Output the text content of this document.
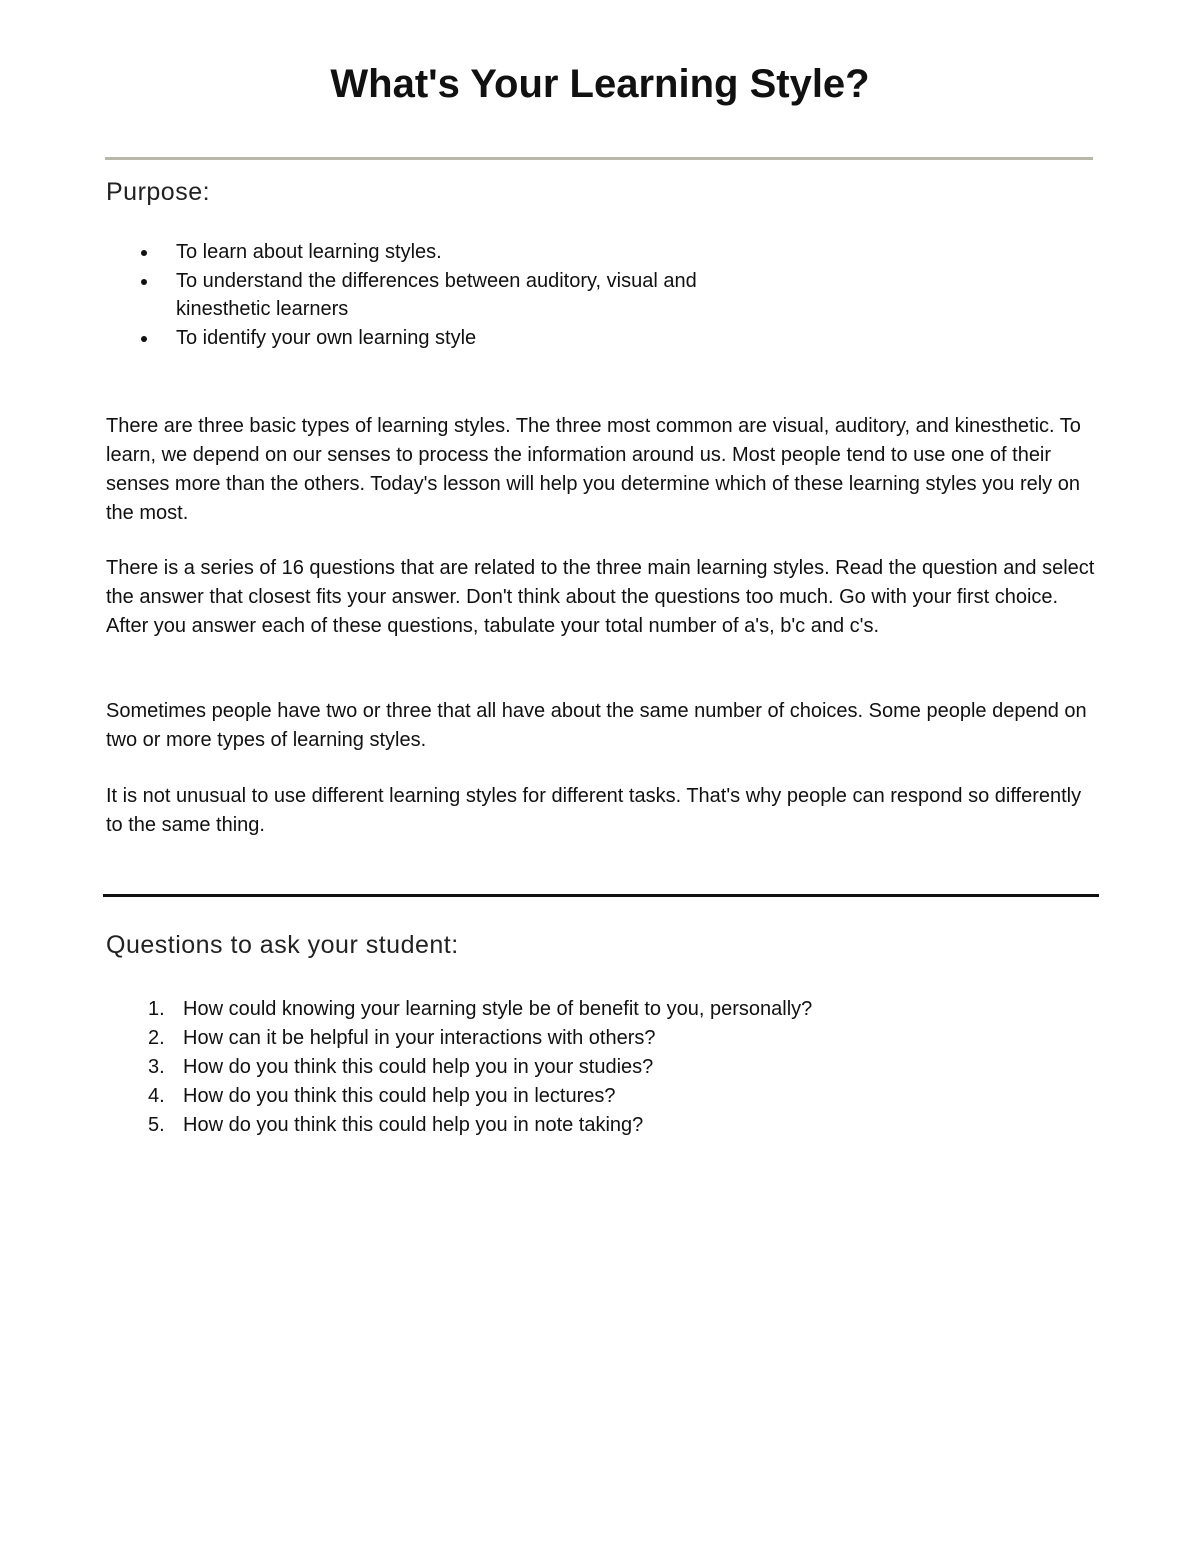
What's Your Learning Style?
Purpose:
To learn about learning styles.
To understand the differences between auditory, visual and kinesthetic learners
To identify your own learning style

There are three basic types of learning styles. The three most common are visual, auditory, and kinesthetic. To learn, we depend on our senses to process the information around us. Most people tend to use one of their senses more than the others. Today's lesson will help you determine which of these learning styles you rely on the most.

There is a series of 16 questions that are related to the three main learning styles. Read the question and select the answer that closest fits your answer. Don't think about the questions too much. Go with your first choice. After you answer each of these questions, tabulate your total number of a's, b'c and c's.

Sometimes people have two or three that all have about the same number of choices. Some people depend on two or more types of learning styles.

It is not unusual to use different learning styles for different tasks. That's why people can respond so differently to the same thing.

Questions to ask your student:
1. How could knowing your learning style be of benefit to you, personally?
2. How can it be helpful in your interactions with others?
3. How do you think this could help you in your studies?
4. How do you think this could help you in lectures?
5. How do you think this could help you in note taking?
